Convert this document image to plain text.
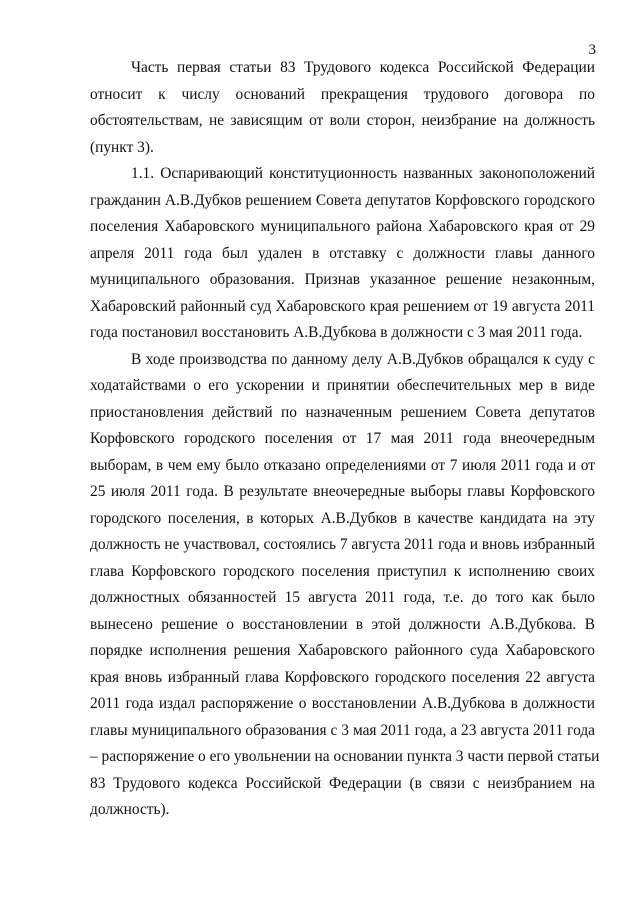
3
Часть первая статьи 83 Трудового кодекса Российской Федерации
относит к числу оснований прекращения трудового договора по
обстоятельствам, не зависящим от воли сторон, неизбрание на должность
(пункт 3).
1.1. Оспаривающий конституционность названных законоположений
гражданин А.В.Дубков решением Совета депутатов Корфовского городского
поселения Хабаровского муниципального района Хабаровского края от 29
апреля 2011 года был удален в отставку с должности главы данного
муниципального образования. Признав указанное решение незаконным,
Хабаровский районный суд Хабаровского края решением от 19 августа 2011
года постановил восстановить А.В.Дубкова в должности с 3 мая 2011 года.
В ходе производства по данному делу А.В.Дубков обращался к суду с
ходатайствами о его ускорении и принятии обеспечительных мер в виде
приостановления действий по назначенным решением Совета депутатов
Корфовского городского поселения от 17 мая 2011 года внеочередным
выборам, в чем ему было отказано определениями от 7 июля 2011 года и от
25 июля 2011 года. В результате внеочередные выборы главы Корфовского
городского поселения, в которых А.В.Дубков в качестве кандидата на эту
должность не участвовал, состоялись 7 августа 2011 года и вновь избранный
глава Корфовского городского поселения приступил к исполнению своих
должностных обязанностей 15 августа 2011 года, т.е. до того как было
вынесено решение о восстановлении в этой должности А.В.Дубкова. В
порядке исполнения решения Хабаровского районного суда Хабаровского
края вновь избранный глава Корфовского городского поселения 22 августа
2011 года издал распоряжение о восстановлении А.В.Дубкова в должности
главы муниципального образования с 3 мая 2011 года, а 23 августа 2011 года
– распоряжение о его увольнении на основании пункта 3 части первой статьи
83 Трудового кодекса Российской Федерации (в связи с неизбранием на
должность).
